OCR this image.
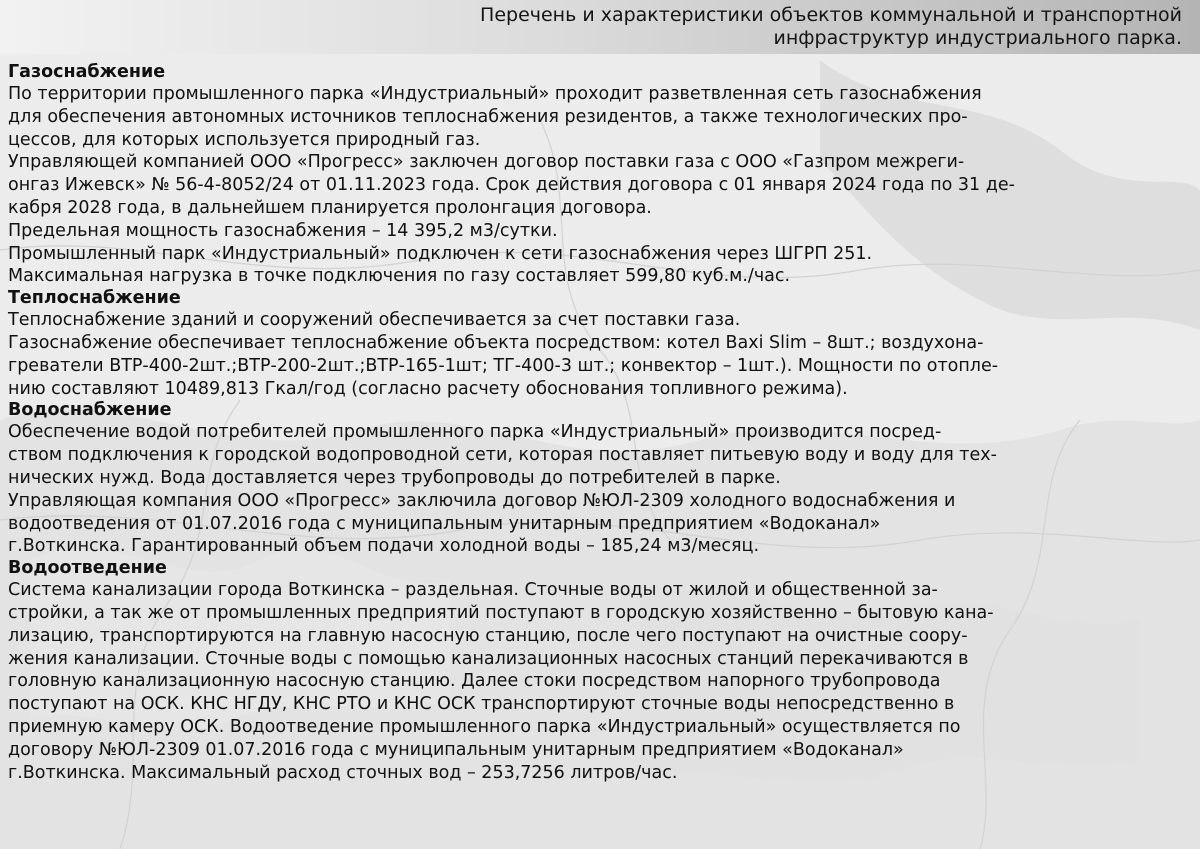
Перечень и характеристики объектов коммунальной и транспортной
инфраструктур индустриального парка.
Газоснабжение

По территории промышленного парка «Индустриальный» проходит разветвленная сеть газоснабжения
для обеспечения автономных источников теплоснабжения резидентов, а также технологических про-
цессов, для которых используется природный газ.

Управляющей компанией ООО «Прогресс» заключен договор поставки газа с ООО «Газпром межреги-
онгаз Ижевск» № 56-4-8052/24 от 01.11.2023 года. Срок действия договора с 01 января 2024 года по 31 де-
кабря 2028 года, в дальнейшем планируется пролонгация договора.

Предельная мощность газоснабжения – 14 395,2 м3/сутки.

Промышленный парк «Индустриальный» подключен к сети газоснабжения через ШГРП 251.

Максимальная нагрузка в точке подключения по газу составляет 599,80 куб.м./час.

Теплоснабжение

Теплоснабжение зданий и сооружений обеспечивается за счет поставки газа.

Газоснабжение обеспечивает теплоснабжение объекта посредством: котел Baxi Slim – 8шт.; воздухона-
греватели ВТР-400-2шт.;ВТР-200-2шт.;ВТР-165-1шт; ТГ-400-3 шт.; конвектор – 1шт.). Мощности по отопле-
нию составляют 10489,813 Гкал/год (согласно расчету обоснования топливного режима).

Водоснабжение

Обеспечение водой потребителей промышленного парка «Индустриальный» производится посред-
ством подключения к городской водопроводной сети, которая поставляет питьевую воду и воду для тех-
нических нужд. Вода доставляется через трубопроводы до потребителей в парке.

Управляющая компания ООО «Прогресс» заключила договор №ЮЛ-2309 холодного водоснабжения и
водоотведения от 01.07.2016 года с муниципальным унитарным предприятием «Водоканал»
г.Воткинска. Гарантированный объем подачи холодной воды – 185,24 м3/месяц.

Водоотведение

Система канализации города Воткинска – раздельная. Сточные воды от жилой и общественной за-
стройки, а так же от промышленных предприятий поступают в городскую хозяйственно – бытовую кана-
лизацию, транспортируются на главную насосную станцию, после чего поступают на очистные соору-
жения канализации. Сточные воды с помощью канализационных насосных станций перекачиваются в
головную канализационную насосную станцию. Далее стоки посредством напорного трубопровода
поступают на ОСК. КНС НГДУ, КНС РТО и КНС ОСК транспортируют сточные воды непосредственно в
приемную камеру ОСК. Водоотведение промышленного парка «Индустриальный» осуществляется по
договору №ЮЛ-2309 01.07.2016 года с муниципальным унитарным предприятием «Водоканал»
г.Воткинска. Максимальный расход сточных вод – 253,7256 литров/час.
